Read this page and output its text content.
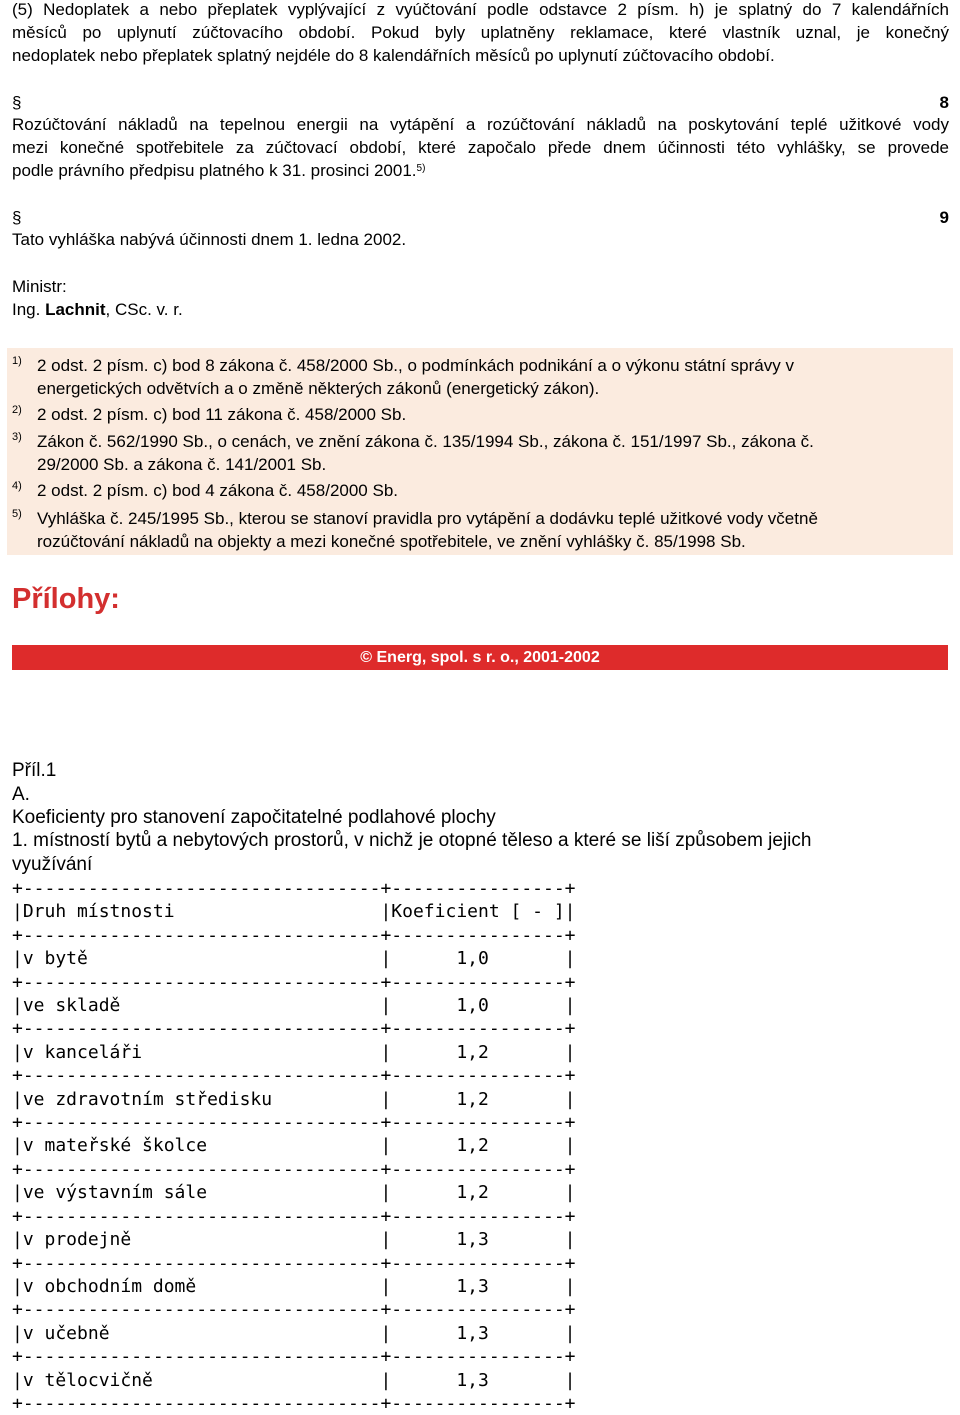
(5) Nedoplatek a nebo přeplatek vyplývající z vyúčtování podle odstavce 2 písm. h) je splatný do 7 kalendářních
měsíců po uplynutí zúčtovacího období. Pokud byly uplatněny reklamace, které vlastník uznal, je konečný
nedoplatek nebo přeplatek splatný nejdéle do 8 kalendářních měsíců po uplynutí zúčtovacího období.
§	8
Rozúčtování nákladů na tepelnou energii na vytápění a rozúčtování nákladů na poskytování teplé užitkové vody
mezi konečné spotřebitele za zúčtovací období, které započalo přede dnem účinnosti této vyhlášky, se provede
podle právního předpisu platného k 31. prosinci 2001.$^{5)}$
§	9
Tato vyhláška nabývá účinnosti dnem 1. ledna 2002.
Ministr:
Ing. Lachnit, CSc. v. r.
1) 2 odst. 2 písm. c) bod 8 zákona č. 458/2000 Sb., o podmínkách podnikání a o výkonu státní správy v
energetických odvětvích a o změně některých zákonů (energetický zákon).
2) 2 odst. 2 písm. c) bod 11 zákona č. 458/2000 Sb.
3) Zákon č. 562/1990 Sb., o cenách, ve znění zákona č. 135/1994 Sb., zákona č. 151/1997 Sb., zákona č.
29/2000 Sb. a zákona č. 141/2001 Sb.
4) 2 odst. 2 písm. c) bod 4 zákona č. 458/2000 Sb.
5) Vyhláška č. 245/1995 Sb., kterou se stanoví pravidla pro vytápění a dodávku teplé užitkové vody včetně
rozúčtování nákladů na objekty a mezi konečné spotřebitele, ve znění vyhlášky č. 85/1998 Sb.
Přílohy:
© Energ, spol. s r. o., 2001-2002
Příl.1
A.
Koeficienty pro stanovení započitatelné podlahové plochy
1. místností bytů a nebytových prostorů, v nichž je otopné těleso a které se liší způsobem jejich
využívání
+---------------------------------+----------------+
|Druh místnosti                   |Koeficient [ - ]|
+---------------------------------+----------------+
|v bytě                           |      1,0       |
+---------------------------------+----------------+
|ve skladě                        |      1,0       |
+---------------------------------+----------------+
|v kanceláři                      |      1,2       |
+---------------------------------+----------------+
|ve zdravotním středisku          |      1,2       |
+---------------------------------+----------------+
|v mateřské školce                |      1,2       |
+---------------------------------+----------------+
|ve výstavním sále                |      1,2       |
+---------------------------------+----------------+
|v prodejně                       |      1,3       |
+---------------------------------+----------------+
|v obchodním domě                 |      1,3       |
+---------------------------------+----------------+
|v učebně                         |      1,3       |
+---------------------------------+----------------+
|v tělocvičně                     |      1,3       |
+---------------------------------+----------------+
